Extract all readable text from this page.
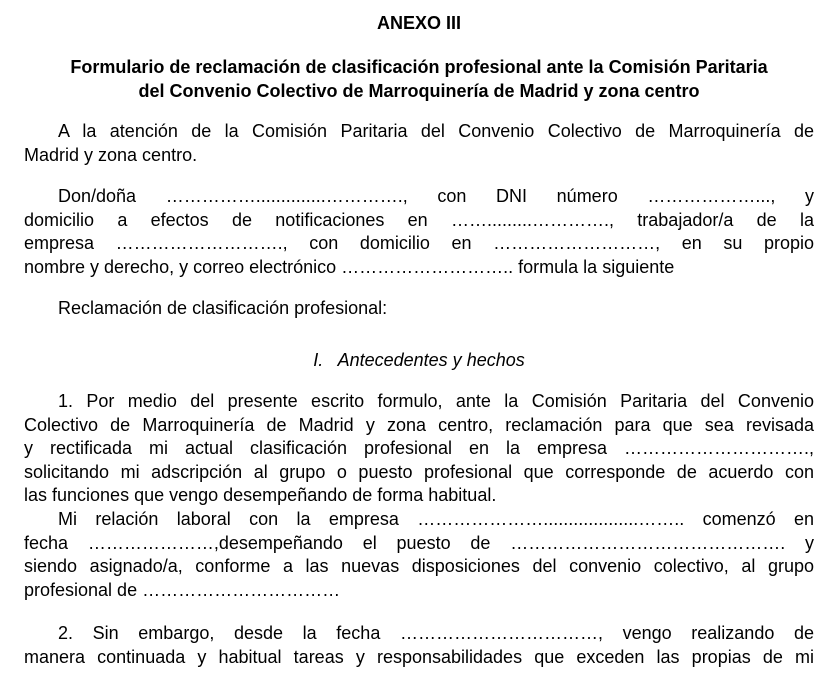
ANEXO III

Formulario de reclamación de clasificación profesional ante la Comisión Paritaria
del Convenio Colectivo de Marroquinería de Madrid y zona centro
A la atención de la Comisión Paritaria del Convenio Colectivo de Marroquinería de
Madrid y zona centro.
Don/doña ……………..............…………., con DNI número ………………..., y
domicilio a efectos de notificaciones en …….........…………., trabajador/a de la
empresa ………………………., con domicilio en ………………………, en su propio
nombre y derecho, y correo electrónico ……………………….. formula la siguiente
Reclamación de clasificación profesional:

I.   Antecedentes y hechos

1. Por medio del presente escrito formulo, ante la Comisión Paritaria del Convenio
Colectivo de Marroquinería de Madrid y zona centro, reclamación para que sea revisada
y rectificada mi actual clasificación profesional en la empresa ………………………….,
solicitando mi adscripción al grupo o puesto profesional que corresponde de acuerdo con
las funciones que vengo desempeñando de forma habitual.
Mi relación laboral con la empresa …………………...................…….. comenzó en
fecha …………………,desempeñando el puesto de ………………………………………. y
siendo asignado/a, conforme a las nuevas disposiciones del convenio colectivo, al grupo
profesional de ……………………………
2. Sin embargo, desde la fecha ……………………………, vengo realizando de
manera continuada y habitual tareas y responsabilidades que exceden las propias de mi
